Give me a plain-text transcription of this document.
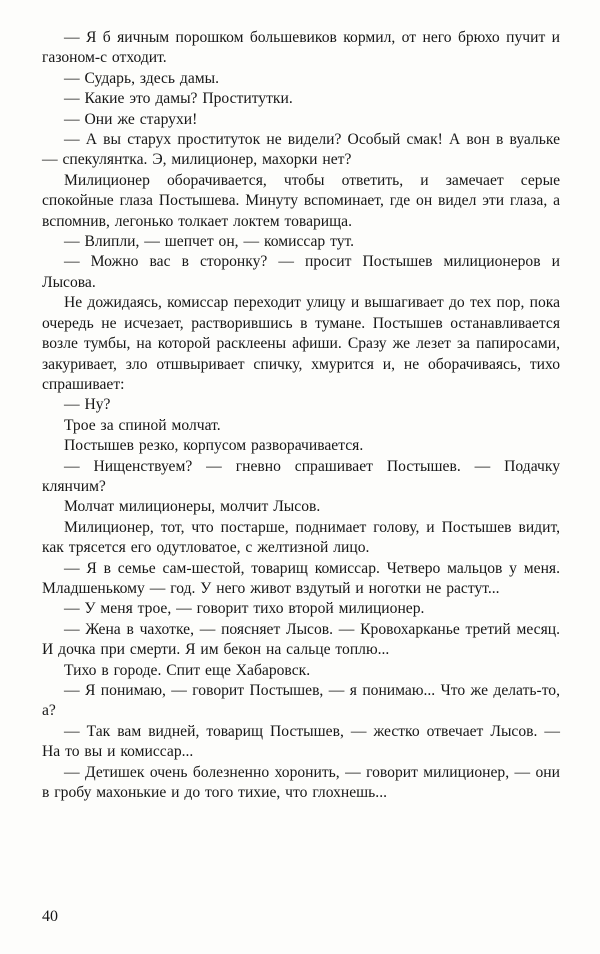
— Я б яичным порошком большевиков кормил, от него брюхо пучит и газоном-с отходит.

— Сударь, здесь дамы.

— Какие это дамы? Проститутки.

— Они же старухи!

— А вы старух проституток не видели? Особый смак! А вон в вуальке — спекулянтка. Э, милиционер, махорки нет?

Милиционер оборачивается, чтобы ответить, и замечает серые спокойные глаза Постышева. Минуту вспоминает, где он видел эти глаза, а вспомнив, легонько толкает локтем товарища.

— Влипли, — шепчет он, — комиссар тут.

— Можно вас в сторонку? — просит Постышев милиционеров и Лысова.

Не дожидаясь, комиссар переходит улицу и вышагивает до тех пор, пока очередь не исчезает, растворившись в тумане. Постышев останавливается возле тумбы, на которой расклеены афиши. Сразу же лезет за папиросами, закуривает, зло отшвыривает спичку, хмурится и, не оборачиваясь, тихо спрашивает:

— Ну?

Трое за спиной молчат.

Постышев резко, корпусом разворачивается.

— Нищенствуем? — гневно спрашивает Постышев. — Подачку клянчим?

Молчат милиционеры, молчит Лысов.

Милиционер, тот, что постарше, поднимает голову, и Постышев видит, как трясется его одутловатое, с желтизной лицо.

— Я в семье сам-шестой, товарищ комиссар. Четверо мальцов у меня. Младшенькому — год. У него живот вздутый и ноготки не растут...

— У меня трое, — говорит тихо второй милиционер.

— Жена в чахотке, — поясняет Лысов. — Кровохарканье третий месяц. И дочка при смерти. Я им бекон на сальце топлю...

Тихо в городе. Спит еще Хабаровск.

— Я понимаю, — говорит Постышев, — я понимаю... Что же делать-то, а?

— Так вам видней, товарищ Постышев, — жестко отвечает Лысов. — На то вы и комиссар...

— Детишек очень болезненно хоронить, — говорит милиционер, — они в гробу махонькие и до того тихие, что глохнешь...

40
